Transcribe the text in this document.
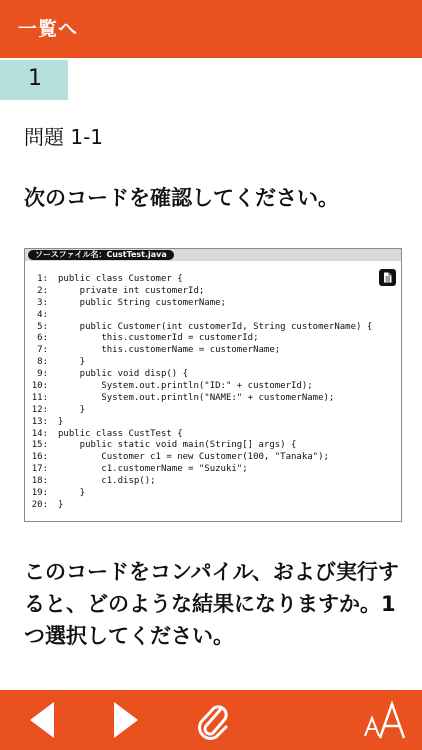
一覧へ
1
問題 1-1
次のコードを確認してください。
ソースファイル名：CustTest.java
1: public class Customer {
2:    private int customerId;
3:    public String customerName;
4:
5:    public Customer(int customerId, String customerName) {
6:        this.customerId = customerId;
7:        this.customerName = customerName;
8:    }
9:    public void disp() {
10:        System.out.println("ID:" + customerId);
11:        System.out.println("NAME:" + customerName);
12:    }
13: }
14: public class CustTest {
15:    public static void main(String[] args) {
16:        Customer c1 = new Customer(100, "Tanaka");
17:        c1.customerName = "Suzuki";
18:        c1.disp();
19:    }
20: }
このコードをコンパイル、および実行すると、どのような結果になりますか。1つ選択してください。
